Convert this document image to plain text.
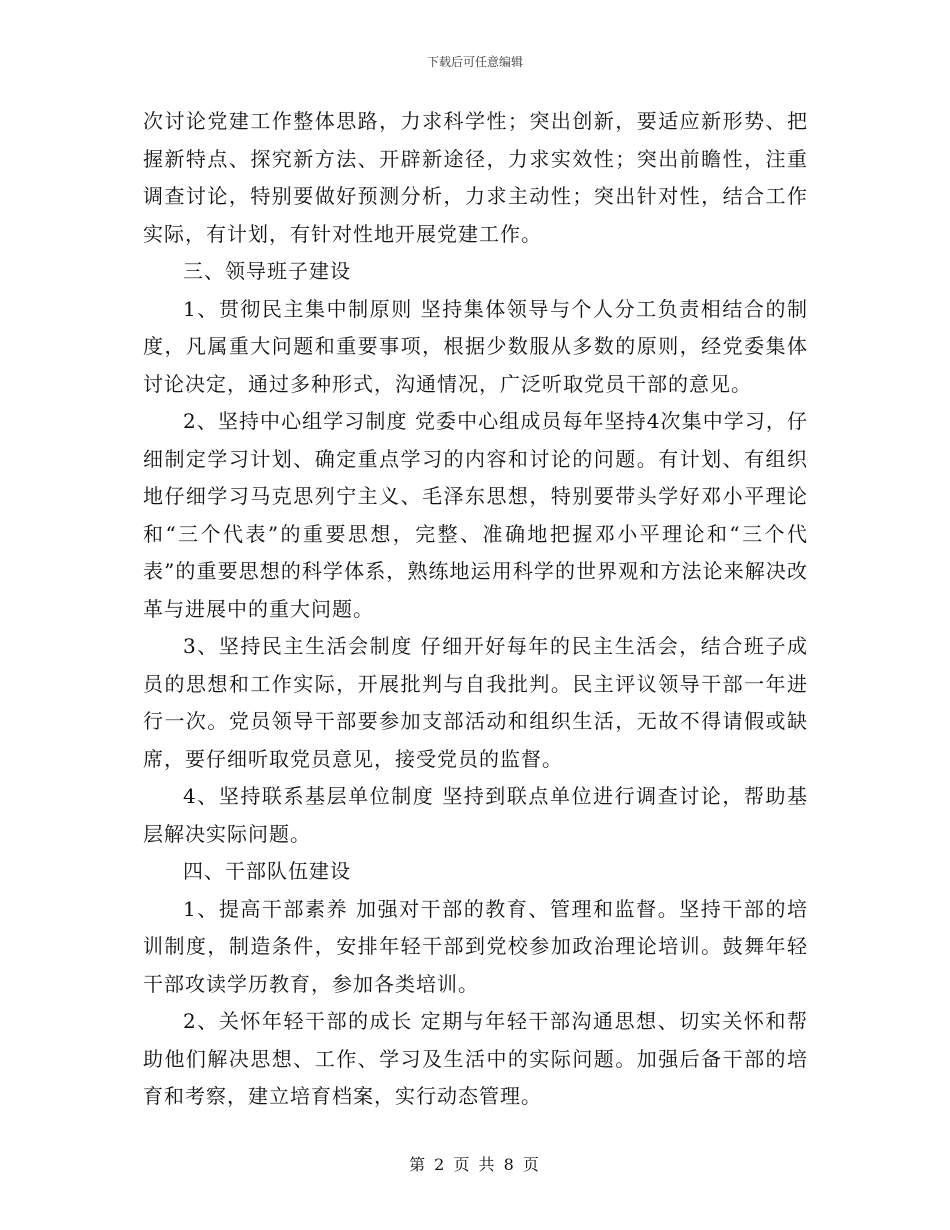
下载后可任意编辑

次讨论党建工作整体思路，力求科学性；突出创新，要适应新形势、把握新特点、探究新方法、开辟新途径，力求实效性；突出前瞻性，注重调查讨论，特别要做好预测分析，力求主动性；突出针对性，结合工作实际，有计划，有针对性地开展党建工作。

三、领导班子建设

1、贯彻民主集中制原则 坚持集体领导与个人分工负责相结合的制度，凡属重大问题和重要事项，根据少数服从多数的原则，经党委集体讨论决定，通过多种形式，沟通情况，广泛听取党员干部的意见。

2、坚持中心组学习制度 党委中心组成员每年坚持4次集中学习，仔细制定学习计划、确定重点学习的内容和讨论的问题。有计划、有组织地仔细学习马克思列宁主义、毛泽东思想，特别要带头学好邓小平理论和“三个代表”的重要思想，完整、准确地把握邓小平理论和“三个代表”的重要思想的科学体系，熟练地运用科学的世界观和方法论来解决改革与进展中的重大问题。

3、坚持民主生活会制度 仔细开好每年的民主生活会，结合班子成员的思想和工作实际，开展批判与自我批判。民主评议领导干部一年进行一次。党员领导干部要参加支部活动和组织生活，无故不得请假或缺席，要仔细听取党员意见，接受党员的监督。

4、坚持联系基层单位制度 坚持到联点单位进行调查讨论，帮助基层解决实际问题。

四、干部队伍建设

1、提高干部素养 加强对干部的教育、管理和监督。坚持干部的培训制度，制造条件，安排年轻干部到党校参加政治理论培训。鼓舞年轻干部攻读学历教育，参加各类培训。

2、关怀年轻干部的成长 定期与年轻干部沟通思想、切实关怀和帮助他们解决思想、工作、学习及生活中的实际问题。加强后备干部的培育和考察，建立培育档案，实行动态管理。

第 2 页 共 8 页
